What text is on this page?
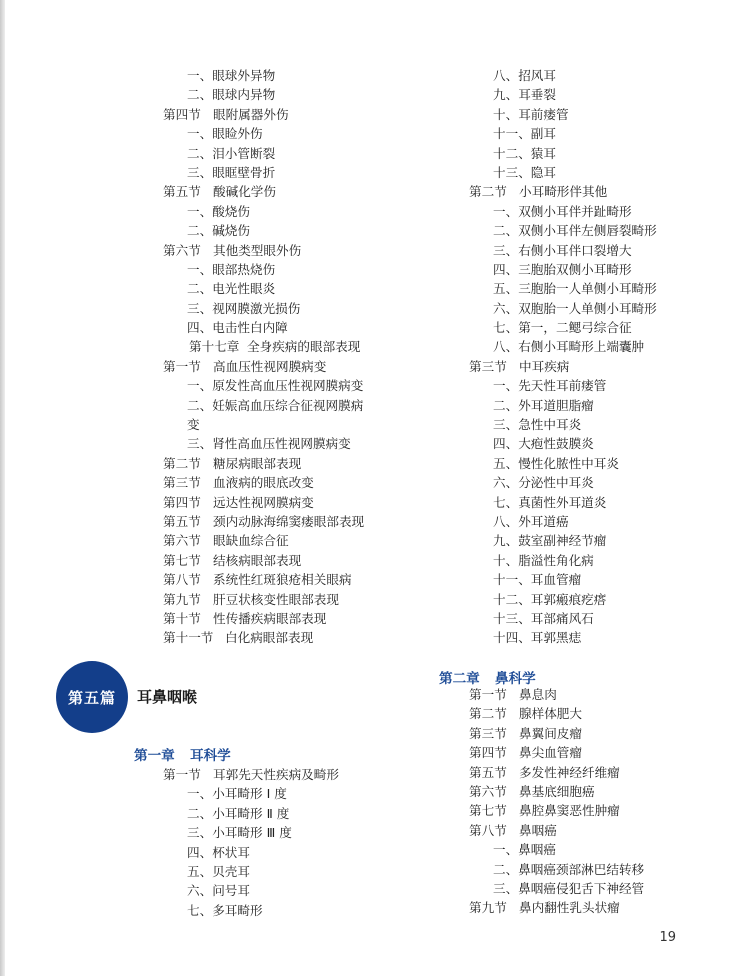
一、 眼球外异物
二、 眼球内异物
第四节 眼附属器外伤
一、 眼睑外伤
二、 泪小管断裂
三、 眼眶壁骨折
第五节 酸碱化学伤
一、 酸烧伤
二、 碱烧伤
第六节 其他类型眼外伤
一、 眼部热烧伤
二、 电光性眼炎
三、 视网膜激光损伤
四、 电击性白内障
第十七章 全身疾病的眼部表现
第一节 高血压性视网膜病变
一、 原发性高血压性视网膜病变
二、 妊娠高血压综合征视网膜病
变
三、 肾性高血压性视网膜病变
第二节 糖尿病眼部表现
第三节 血液病的眼底改变
第四节 远达性视网膜病变
第五节 颈内动脉海绵窦瘘眼部表现
第六节 眼缺血综合征
第七节 结核病眼部表现
第八节 系统性红斑狼疮相关眼病
第九节 肝豆状核变性眼部表现
第十节 性传播疾病眼部表现
第十一节 白化病眼部表现
第五篇 耳鼻咽喉
第一章 耳科学
第一节 耳郭先天性疾病及畸形
一、 小耳畸形 Ⅰ 度
二、 小耳畸形 Ⅱ 度
三、 小耳畸形 Ⅲ 度
四、 杯状耳
五、 贝壳耳
六、 问号耳
七、 多耳畸形
八、 招风耳
九、 耳垂裂
十、 耳前瘘管
十一、 副耳
十二、 猿耳
十三、 隐耳
第二节 小耳畸形伴其他
一、 双侧小耳伴并趾畸形
二、 双侧小耳伴左侧唇裂畸形
三、 右侧小耳伴口裂增大
四、 三胞胎双侧小耳畸形
五、 三胞胎一人单侧小耳畸形
六、 双胞胎一人单侧小耳畸形
七、 第一，二鳃弓综合征
八、 右侧小耳畸形上端囊肿
第三节 中耳疾病
一、 先天性耳前瘘管
二、 外耳道胆脂瘤
三、 急性中耳炎
四、 大疱性鼓膜炎
五、 慢性化脓性中耳炎
六、 分泌性中耳炎
七、 真菌性外耳道炎
八、 外耳道癌
九、 鼓室副神经节瘤
十、 脂溢性角化病
十一、 耳血管瘤
十二、 耳郭瘢痕疙瘩
十三、 耳部痛风石
十四、 耳郭黑痣
第二章 鼻科学
第一节 鼻息肉
第二节 腺样体肥大
第三节 鼻翼间皮瘤
第四节 鼻尖血管瘤
第五节 多发性神经纤维瘤
第六节 鼻基底细胞癌
第七节 鼻腔鼻窦恶性肿瘤
第八节 鼻咽癌
一、 鼻咽癌
二、 鼻咽癌颈部淋巴结转移
三、 鼻咽癌侵犯舌下神经管
第九节 鼻内翻性乳头状瘤
19
